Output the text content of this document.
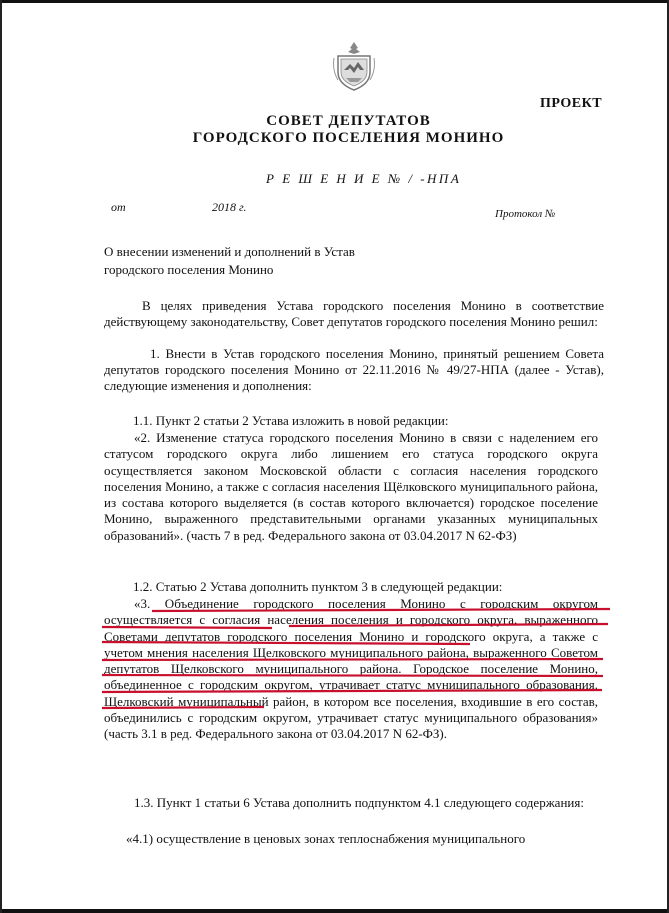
ПРОЕКТ
СОВЕТ ДЕПУТАТОВ
ГОРОДСКОГО ПОСЕЛЕНИЯ МОНИНО
Р Е Ш Е Н И Е № / -НПА
от	2018 г.	Протокол №
О внесении изменений и дополнений в Устав
городского поселения Монино
В целях приведения Устава городского поселения Монино в соответствие действующему законодательству, Совет депутатов городского поселения Монино решил:
1. Внести в Устав городского поселения Монино, принятый решением Совета депутатов городского поселения Монино от 22.11.2016 № 49/27-НПА (далее - Устав), следующие изменения и дополнения:
1.1. Пункт 2 статьи 2 Устава изложить в новой редакции:
«2. Изменение статуса городского поселения Монино в связи с наделением его статусом городского округа либо лишением его статуса городского округа осуществляется законом Московской области с согласия населения городского поселения Монино, а также с согласия населения Щёлковского муниципального района, из состава которого выделяется (в состав которого включается) городское поселение Монино, выраженного представительными органами указанных муниципальных образований». (часть 7 в ред. Федерального закона от 03.04.2017 N 62-ФЗ)
1.2. Статью 2 Устава дополнить пунктом 3 в следующей редакции:
«3. Объединение городского поселения Монино с городским округом осуществляется с согласия населения поселения и городского округа, выраженного Советами депутатов городского поселения Монино и городского округа, а также с учетом мнения населения Щелковского муниципального района, выраженного Советом депутатов Щелковского муниципального района. Городское поселение Монино, объединенное с городским округом, утрачивает статус муниципального образования. Щелковский муниципальный район, в котором все поселения, входившие в его состав, объединились с городским округом, утрачивает статус муниципального образования» (часть 3.1 в ред. Федерального закона от 03.04.2017 N 62-ФЗ).
1.3. Пункт 1 статьи 6 Устава дополнить подпунктом 4.1 следующего содержания:
«4.1) осуществление в ценовых зонах теплоснабжения муниципального
